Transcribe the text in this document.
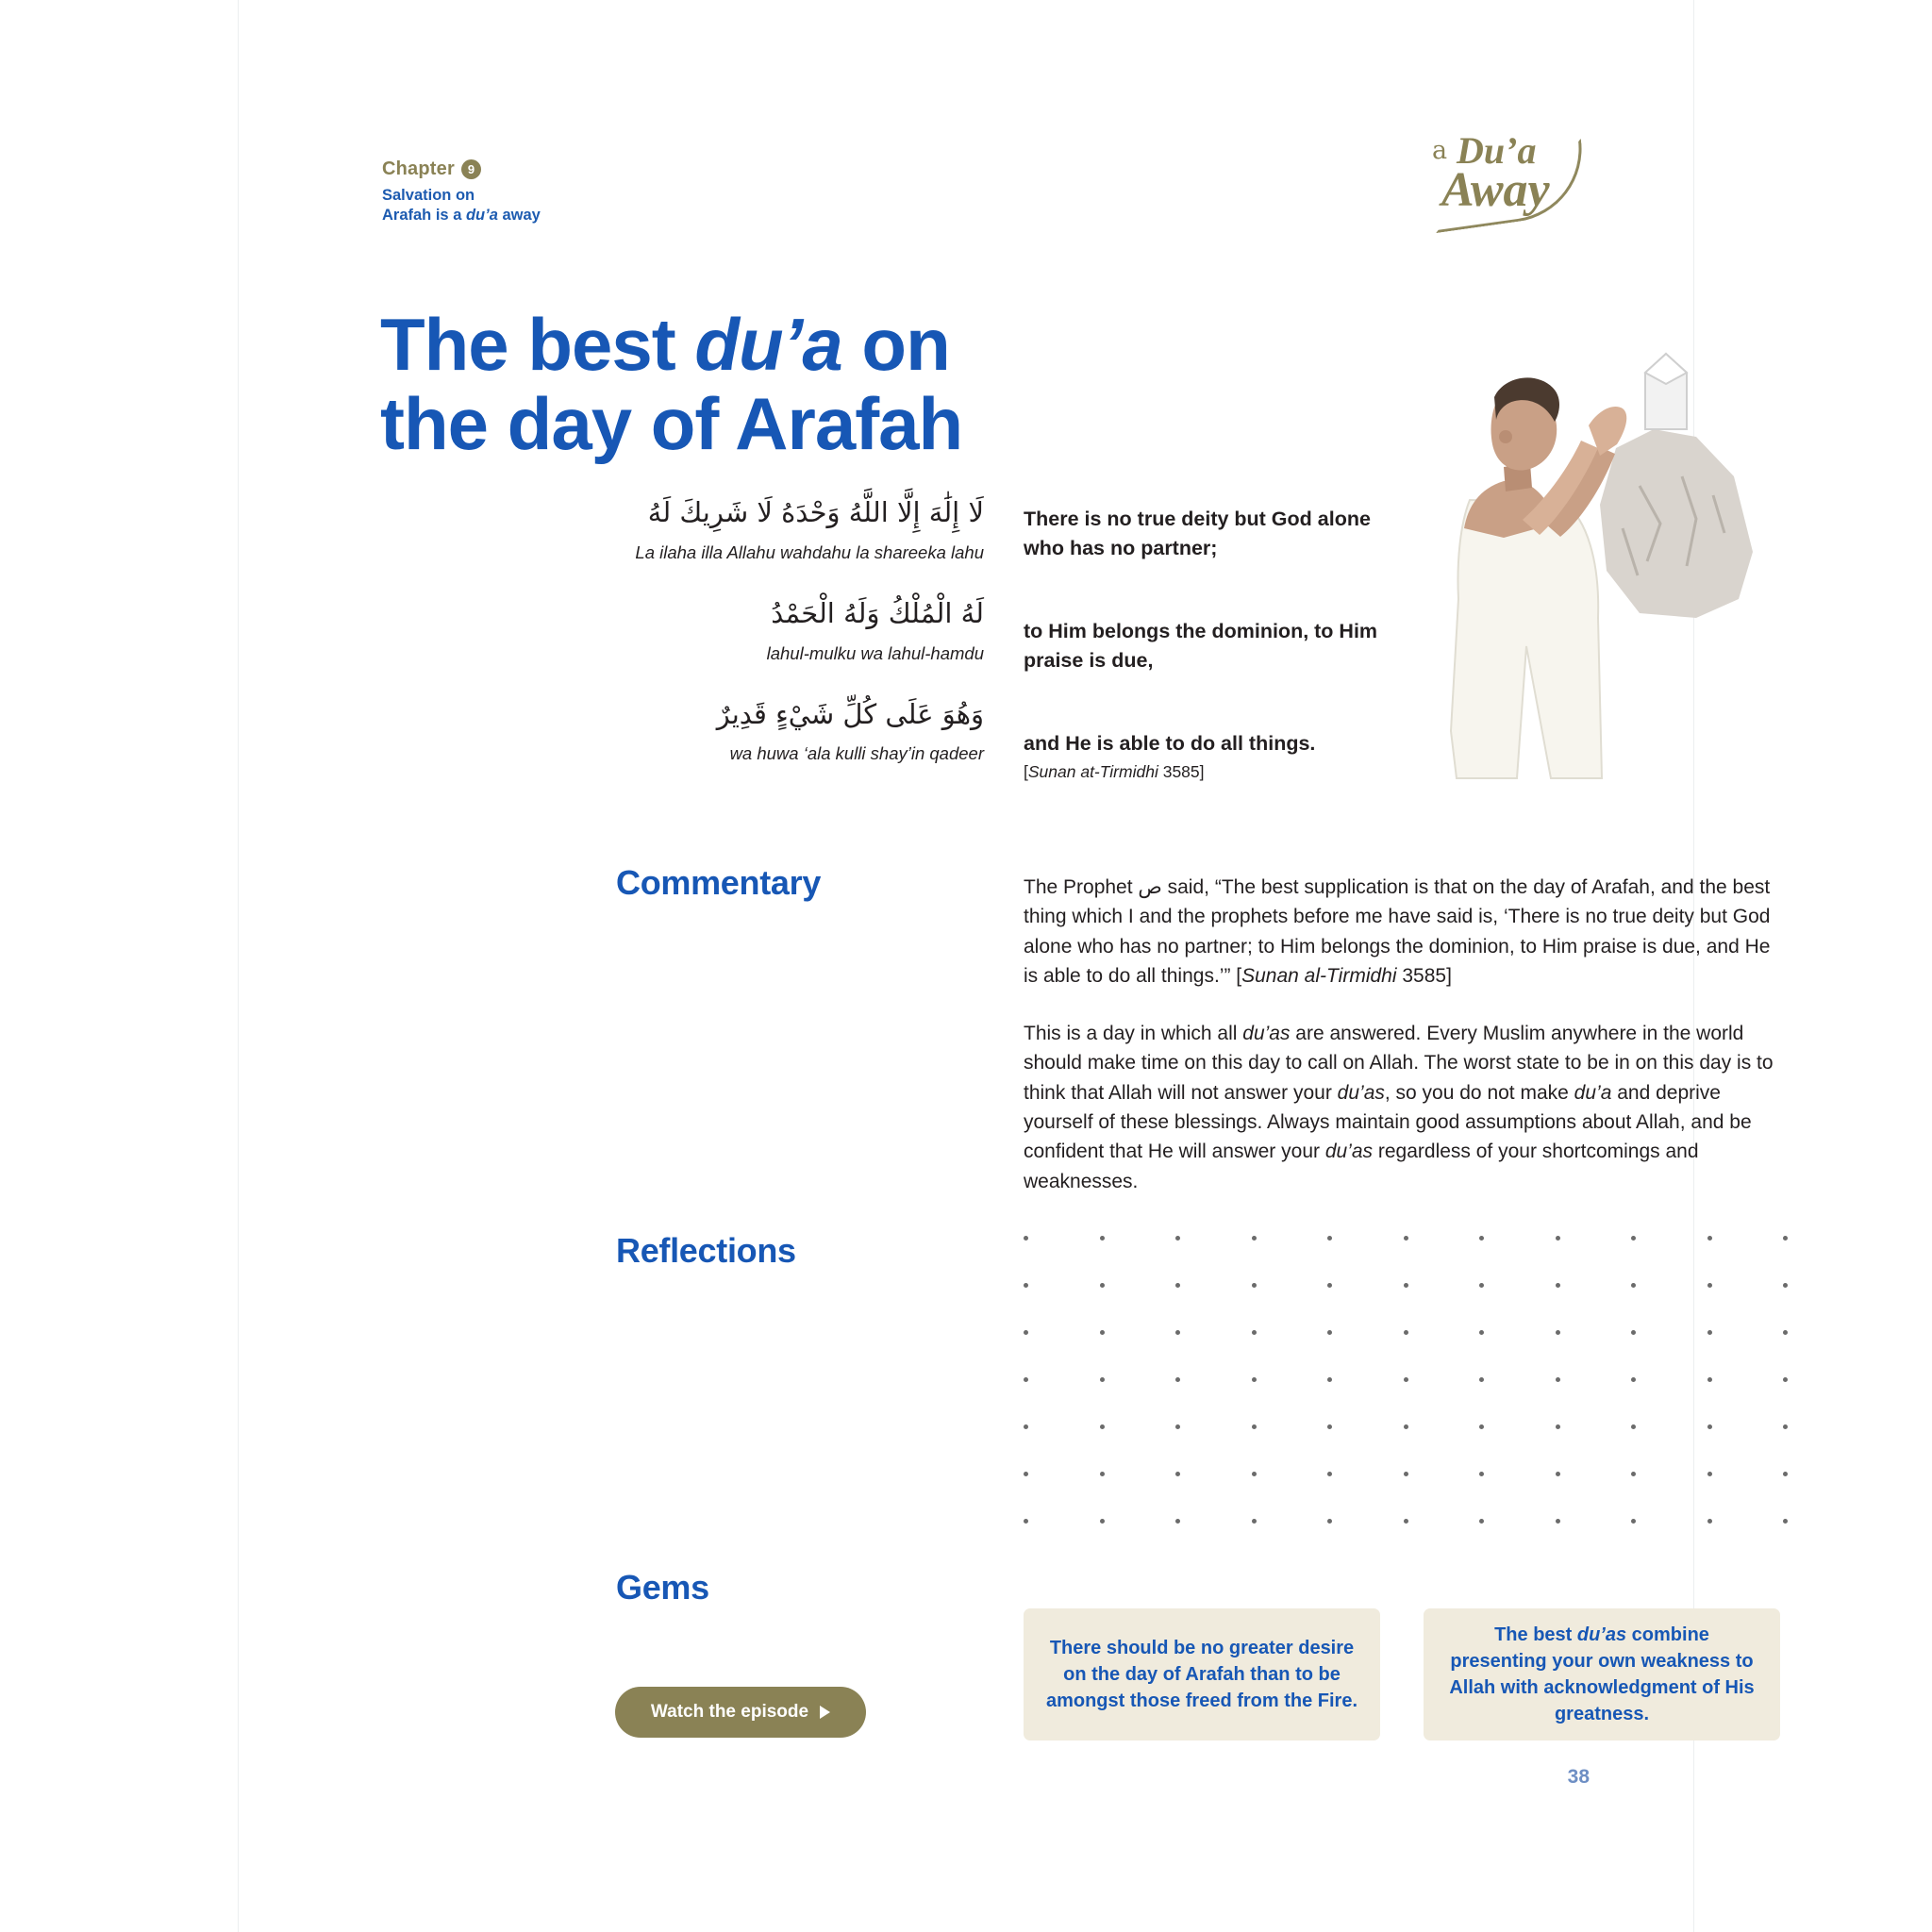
Chapter	9
Salvation on
Arafah is a du’a away
a Du’a
Away
The best du’a on
the day of Arafah
لَا إِلَٰهَ إِلَّا اللَّهُ وَحْدَهُ لَا شَرِيكَ لَهُ
La ilaha illa Allahu wahdahu la shareeka lahu
لَهُ الْمُلْكُ وَلَهُ الْحَمْدُ
lahul-mulku wa lahul-hamdu
وَهُوَ عَلَى كُلِّ شَيْءٍ قَدِيرٌ
wa huwa ‘ala kulli shay’in qadeer
There is no true deity but God alone who has no partner;
to Him belongs the dominion, to Him praise is due,
and He is able to do all things.
[Sunan at-Tirmidhi 3585]
Commentary
Reflections
Gems

The Prophet ص said, “The best supplication is that on the day of Arafah, and the best thing which I and the prophets before me have said is, ‘There is no true deity but God alone who has no partner; to Him belongs the dominion, to Him praise is due, and He is able to do all things.’” [Sunan al-Tirmidhi 3585]

This is a day in which all du’as are answered. Every Muslim anywhere in the world should make time on this day to call on Allah. The worst state to be in on this day is to think that Allah will not answer your du’as, so you do not make du’a and deprive yourself of these blessings. Always maintain good assumptions about Allah, and be confident that He will answer your du’as regardless of your shortcomings and weaknesses.

There should be no greater desire on the day of Arafah than to be amongst those freed from the Fire.
The best du’as combine presenting your own weakness to Allah with acknowledgment of His greatness.
Watch the episode
38
